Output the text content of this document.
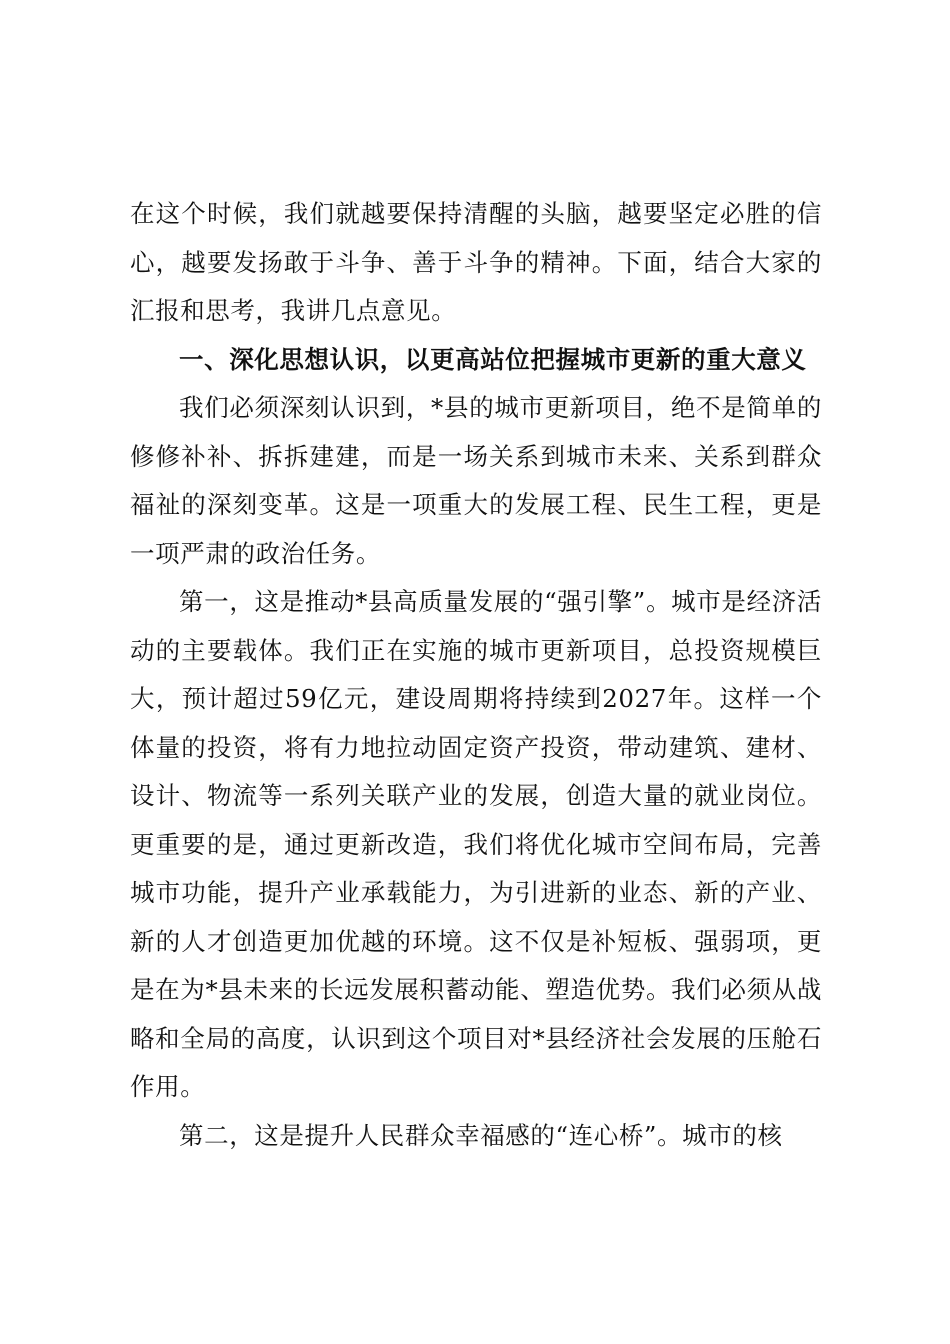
在这个时候，我们就越要保持清醒的头脑，越要坚定必胜的信心，越要发扬敢于斗争、善于斗争的精神。下面，结合大家的汇报和思考，我讲几点意见。

一、深化思想认识，以更高站位把握城市更新的重大意义

我们必须深刻认识到，*县的城市更新项目，绝不是简单的修修补补、拆拆建建，而是一场关系到城市未来、关系到群众福祉的深刻变革。这是一项重大的发展工程、民生工程，更是一项严肃的政治任务。

第一，这是推动*县高质量发展的“强引擎”。城市是经济活动的主要载体。我们正在实施的城市更新项目，总投资规模巨大，预计超过59亿元，建设周期将持续到2027年。这样一个体量的投资，将有力地拉动固定资产投资，带动建筑、建材、设计、物流等一系列关联产业的发展，创造大量的就业岗位。更重要的是，通过更新改造，我们将优化城市空间布局，完善城市功能，提升产业承载能力，为引进新的业态、新的产业、新的人才创造更加优越的环境。这不仅是补短板、强弱项，更是在为*县未来的长远发展积蓄动能、塑造优势。我们必须从战略和全局的高度，认识到这个项目对*县经济社会发展的压舱石作用。

第二，这是提升人民群众幸福感的“连心桥”。城市的核
